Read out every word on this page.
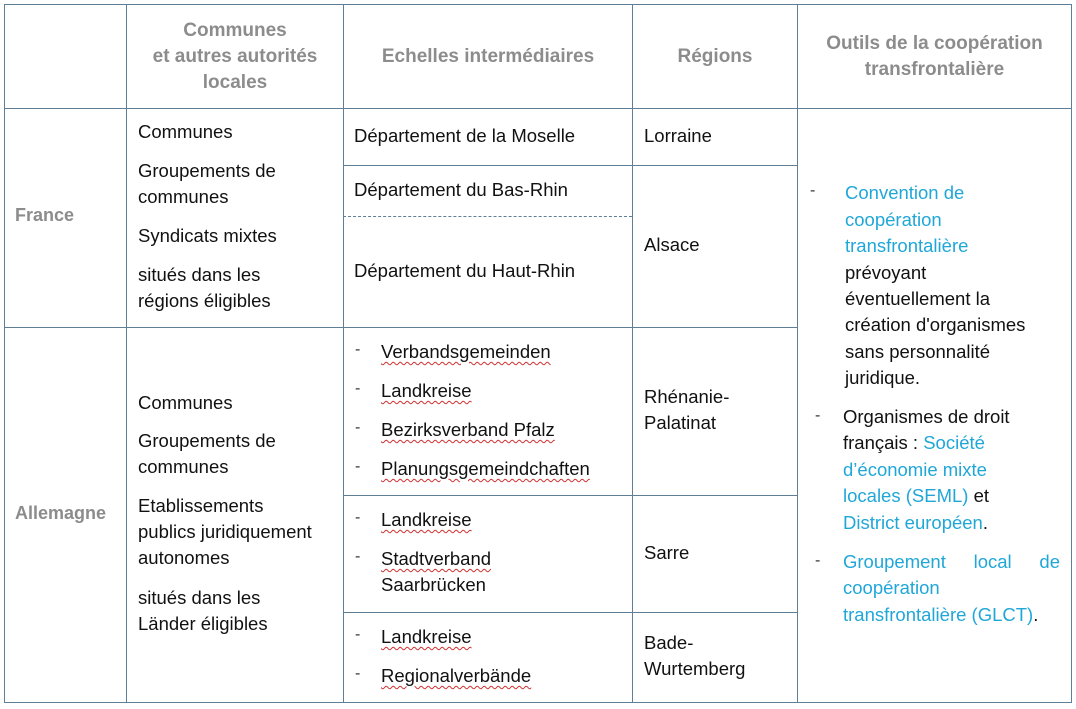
Communes
et autres autorités
locales
Echelles intermédiaires	Régions
Outils de la coopération
transfrontalière
France
Communes
Groupements de
communes
Syndicats mixtes
situés dans les
régions éligibles
Département de la Moselle
Département du Bas-Rhin
Département du Haut-Rhin
Lorraine
Alsace
Allemagne
Communes
Groupements de
communes
Etablissements
publics juridiquement
autonomes
situés dans les
Länder éligibles
- Verbandsgemeinden
- Landkreise
- Bezirksverband Pfalz
- Planungsgemeindchaften
Rhénanie-
Palatinat
- Landkreise
- Stadtverband
Saarbrücken
Sarre
- Landkreise
- Regionalverbände
Bade-
Wurtemberg
- Convention de
coopération
transfrontalière
prévoyant
éventuellement la
création d'organismes
sans personnalité
juridique.
- Organismes de droit
français : Société
d’économie mixte
locales (SEML) et
District européen.
- Groupement local de
coopération
transfrontalière (GLCT).
